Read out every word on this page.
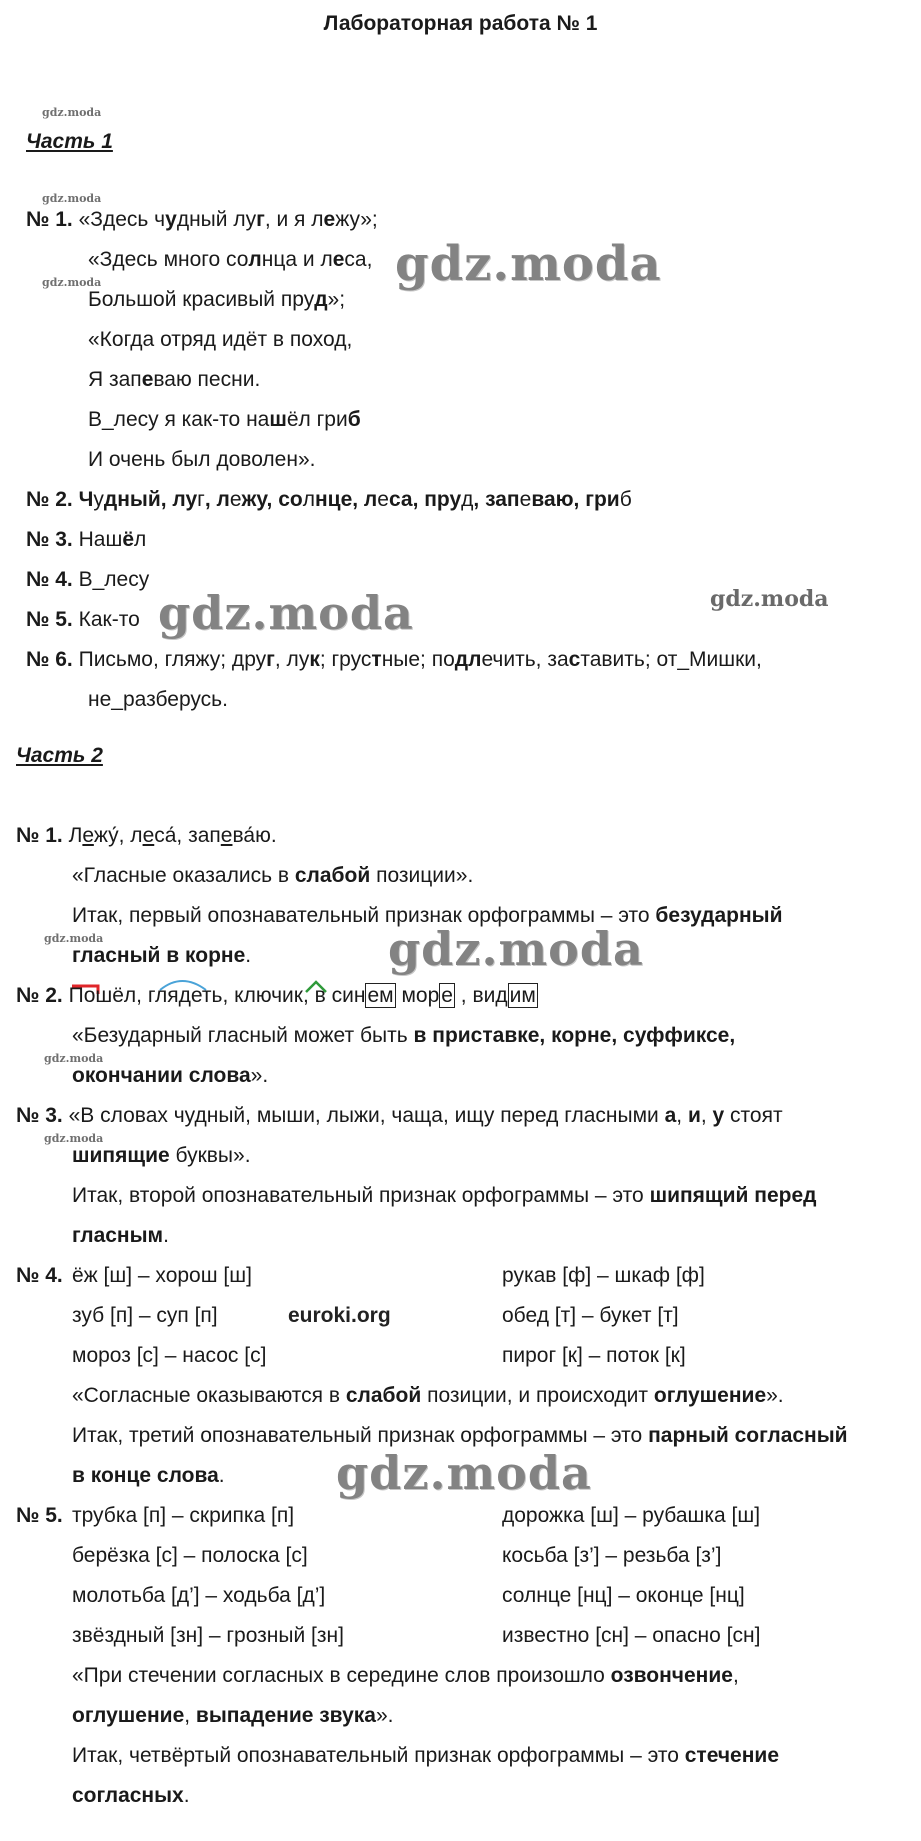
Лабораторная работа № 1
gdz.moda
Часть 1
gdz.moda
№ 1. «Здесь чудный луг, и я лежу»;
«Здесь много солнца и леса, gdz.moda
gdz.moda
Большой красивый пруд»;
«Когда отряд идёт в поход,
Я запеваю песни.
В_лесу я как-то нашёл гриб
И очень был доволен».
№ 2. Чудный, луг, лежу, солнце, леса, пруд, запеваю, гриб
№ 3. Нашёл
№ 4. В_лесу
gdz.moda
№ 5. Как-то gdz.moda
№ 6. Письмо, гляжу; друг, лук; грустные; подлечить, заставить; от_Мишки,
не_разберусь.
Часть 2
№ 1. Лежу́, леса́, запева́ю.
«Гласные оказались в слабой позиции».
Итак, первый опознавательный признак орфограммы – это безударный
gdz.moda
гласный в корне.	gdz.moda
№ 2. Пошёл, глядеть, ключик, в синем море , видим
«Безударный гласный может быть в приставке, корне, суффиксе,
gdz.moda
окончании слова».
№ 3. «В словах чудный, мыши, лыжи, чаща, ищу перед гласными а, и, у стоят
gdz.moda
шипящие буквы».
Итак, второй опознавательный признак орфограммы – это шипящий перед
гласным.
№ 4. ёж [ш] – хорош [ш]
зуб [п] – суп [п]	euroki.org
мороз [с] – насос [с]
рукав [ф] – шкаф [ф]
обед [т] – букет [т]
пирог [к] – поток [к]
«Согласные оказываются в слабой позиции, и происходит оглушение».
Итак, третий опознавательный признак орфограммы – это парный согласный
в конце слова. gdz.moda
№ 5. трубка [п] – скрипка [п]
берёзка [с] – полоска [с]
молотьба [д’] – ходьба [д’]
звёздный [зн] – грозный [зн]
дорожка [ш] – рубашка [ш]
косьба [з’] – резьба [з’]
солнце [нц] – оконце [нц]
известно [сн] – опасно [сн]
«При стечении согласных в середине слов произошло озвончение,
оглушение, выпадение звука».
Итак, четвёртый опознавательный признак орфограммы – это стечение
согласных.
